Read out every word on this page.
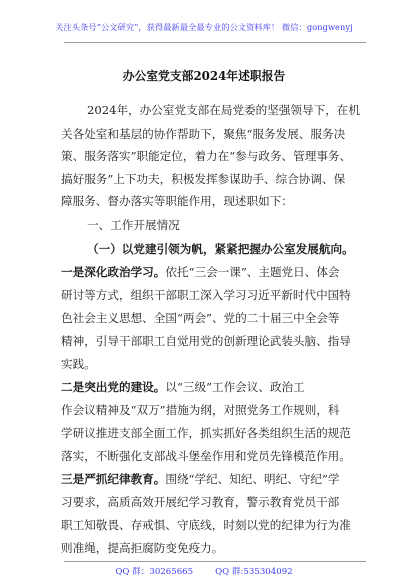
关注头条号“公文研究”，获得最新最全最专业的公文资料库！ 微信：gongwenyj
办公室党支部2024年述职报告
2024年，办公室党支部在局党委的坚强领导下，在机
关各处室和基层的协作帮助下，聚焦“服务发展、服务决
策、服务落实”职能定位，着力在“参与政务、管理事务、
搞好服务”上下功夫，积极发挥参谋助手、综合协调、保
障服务、督办落实等职能作用，现述职如下：
一、工作开展情况
（一）以党建引领为帆，紧紧把握办公室发展航向。
一是深化政治学习。依托“三会一课”、主题党日、体会
研讨等方式，组织干部职工深入学习习近平新时代中国特
色社会主义思想、全国“两会”、党的二十届三中全会等
精神，引导干部职工自觉用党的创新理论武装头脑、指导
实践。
二是突出党的建设。以“三级”工作会议、政治工
作会议精神及“双万”措施为纲，对照党务工作规则，科
学研议推进支部全面工作，抓实抓好各类组织生活的规范
落实，不断强化支部战斗堡垒作用和党员先锋模范作用。
三是严抓纪律教育。围绕“学纪、知纪、明纪、守纪”学
习要求，高质高效开展纪学习教育，警示教育党员干部
职工知敬畏、存戒惧、守底线，时刻以党的纪律为行为准
则准绳，提高拒腐防变免疫力。
QQ 群：30265665	QQ 群:535304092
